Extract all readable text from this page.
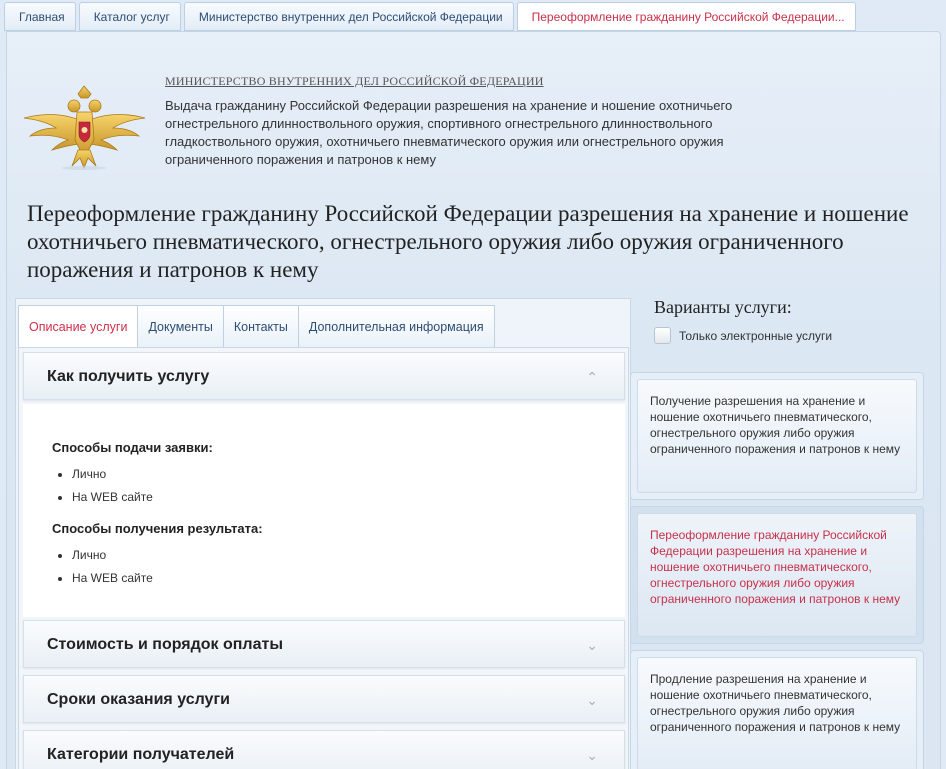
Главная	Каталог услуг	Министерство внутренних дел Российской Федерации	Переоформление гражданину Российской Федерации...
МИНИСТЕРСТВО ВНУТРЕННИХ ДЕЛ РОССИЙСКОЙ ФЕДЕРАЦИИ

Выдача гражданину Российской Федерации разрешения на хранение и ношение охотничьего огнестрельного длинноствольного оружия, спортивного огнестрельного длинноствольного гладкоствольного оружия, охотничьего пневматического оружия или огнестрельного оружия ограниченного поражения и патронов к нему

Переоформление гражданину Российской Федерации разрешения на хранение и ношение охотничьего пневматического, огнестрельного оружия либо оружия ограниченного поражения и патронов к нему
Описание услуги	Документы	Контакты	Дополнительная информация
Как получить услугу	⌃
Способы подачи заявки:
• Лично
• На WEB сайте
Способы получения результата:
• Лично
• На WEB сайте
Стоимость и порядок оплаты	⌄
Сроки оказания услуги	⌄
Категории получателей	⌄
Варианты услуги:
Только электронные услуги
Получение разрешения на хранение и ношение охотничьего пневматического, огнестрельного оружия либо оружия ограниченного поражения и патронов к нему
Переоформление гражданину Российской Федерации разрешения на хранение и ношение охотничьего пневматического, огнестрельного оружия либо оружия ограниченного поражения и патронов к нему
Продление разрешения на хранение и ношение охотничьего пневматического, огнестрельного оружия либо оружия ограниченного поражения и патронов к нему
